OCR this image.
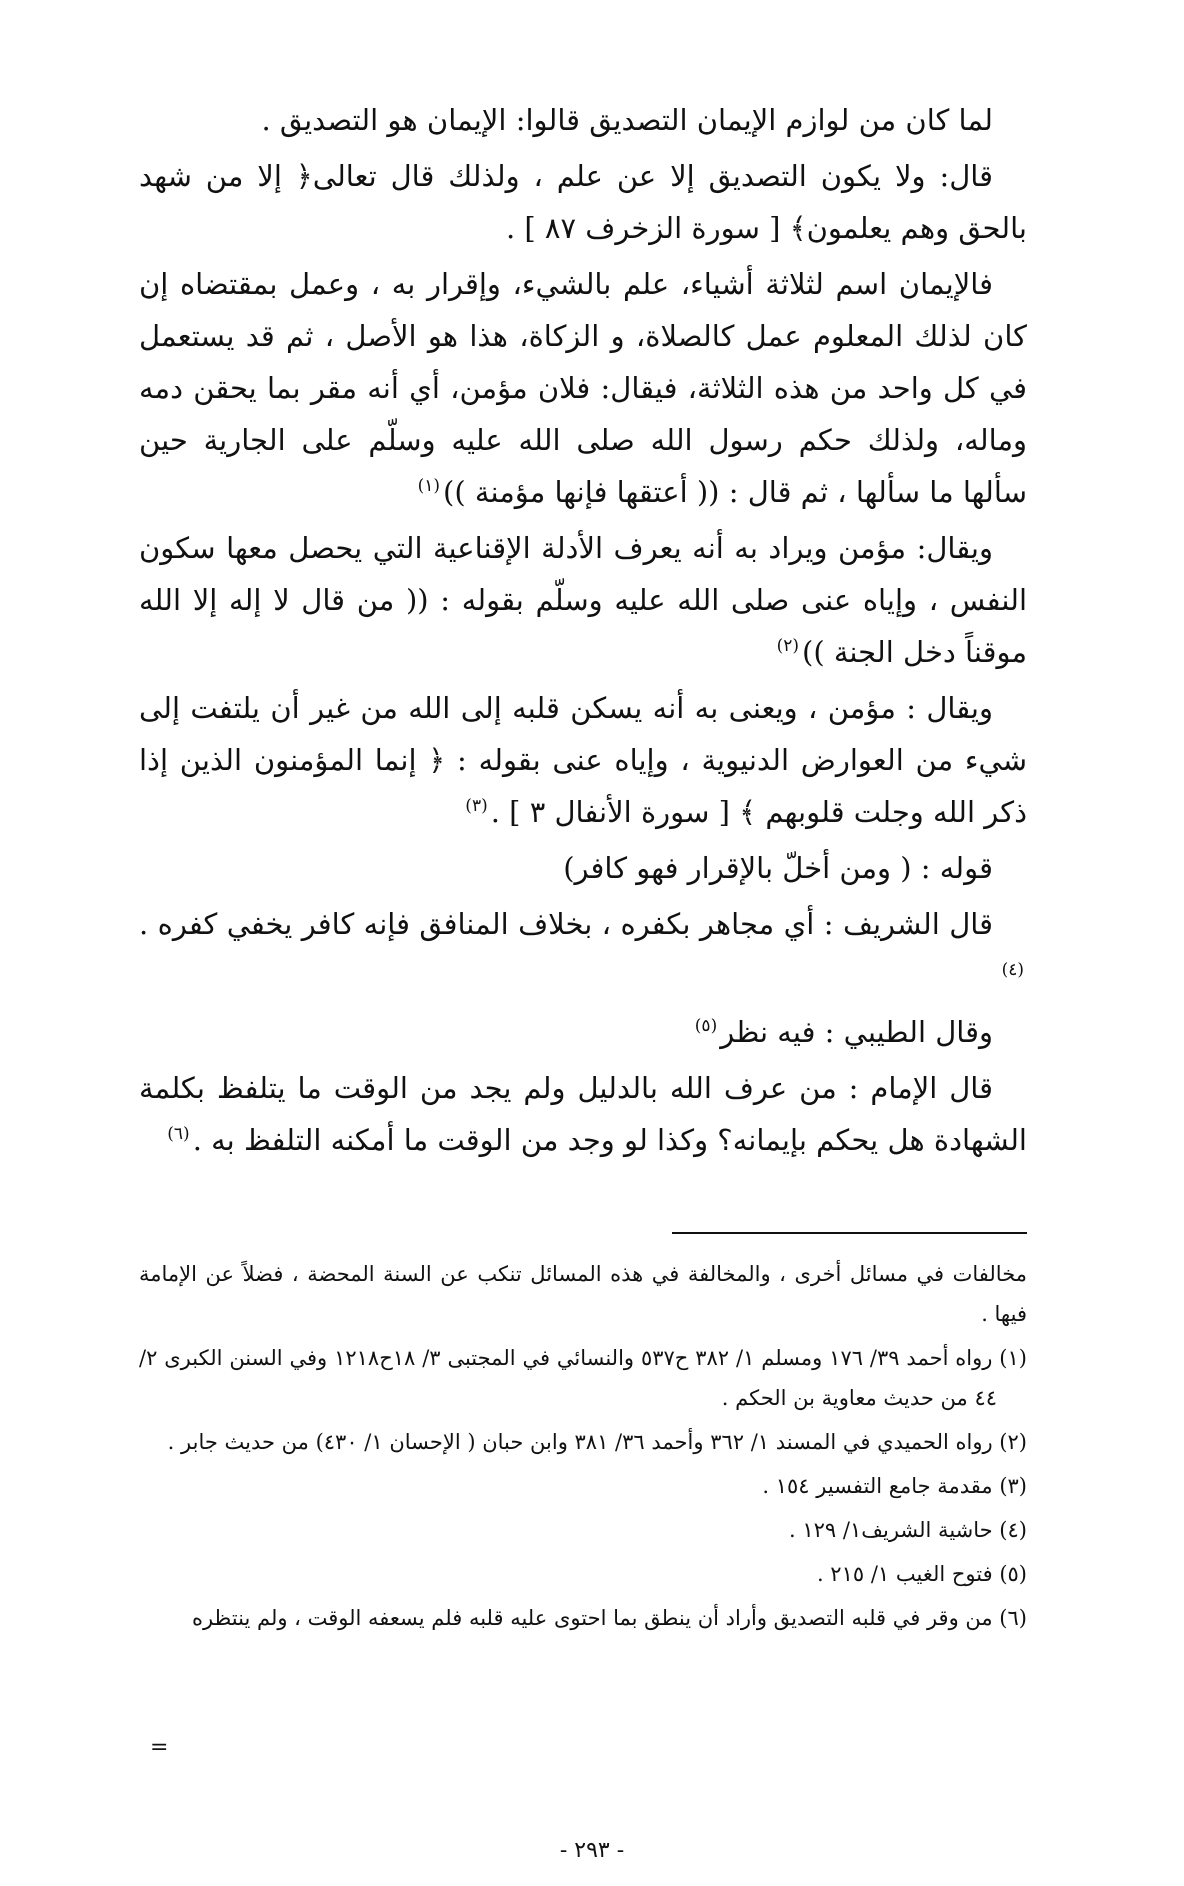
لما كان من لوازم الإيمان التصديق قالوا: الإيمان هو التصديق .

قال: ولا يكون التصديق إلا عن علم ، ولذلك قال تعالى﴿ إلا من شهد بالحق وهم يعلمون﴾ [ سورة الزخرف ٨٧ ] .

فالإيمان اسم لثلاثة أشياء، علم بالشيء، وإقرار به ، وعمل بمقتضاه إن كان لذلك المعلوم عمل كالصلاة، و الزكاة، هذا هو الأصل ، ثم قد يستعمل في كل واحد من هذه الثلاثة، فيقال: فلان مؤمن، أي أنه مقر بما يحقن دمه وماله، ولذلك حكم رسول الله صلى الله عليه وسلّم على الجارية حين سألها ما سألها ، ثم قال : (( أعتقها فإنها مؤمنة ))$^{(١)}$

ويقال: مؤمن ويراد به أنه يعرف الأدلة الإقناعية التي يحصل معها سكون النفس ، وإياه عنى صلى الله عليه وسلّم بقوله : (( من قال لا إله إلا الله موقناً دخل الجنة ))$^{(٢)}$

ويقال : مؤمن ، ويعنى به أنه يسكن قلبه إلى الله من غير أن يلتفت إلى شيء من العوارض الدنيوية ، وإياه عنى بقوله : ﴿ إنما المؤمنون الذين إذا ذكر الله وجلت قلوبهم ﴾ [ سورة الأنفال ٣ ] .$^{(٣)}$

قوله : ( ومن أخلّ بالإقرار فهو كافر)

قال الشريف : أي مجاهر بكفره ، بخلاف المنافق فإنه كافر يخفي كفره .$^{(٤)}$

وقال الطيبي : فيه نظر$^{(٥)}$

قال الإمام : من عرف الله بالدليل ولم يجد من الوقت ما يتلفظ بكلمة الشهادة هل يحكم بإيمانه؟ وكذا لو وجد من الوقت ما أمكنه التلفظ به .$^{(٦)}$

مخالفات في مسائل أخرى ، والمخالفة في هذه المسائل تنكب عن السنة المحضة ، فضلاً عن الإمامة فيها .

(١) رواه أحمد ٣٩/ ١٧٦ ومسلم ١/ ٣٨٢ ح٥٣٧ والنسائي في المجتبى ٣/ ١٨ح١٢١٨ وفي السنن الكبرى ٢/ ٤٤ من حديث معاوية بن الحكم .

(٢) رواه الحميدي في المسند ١/ ٣٦٢ وأحمد ٣٦/ ٣٨١ وابن حبان ( الإحسان ١/ ٤٣٠) من حديث جابر .

(٣) مقدمة جامع التفسير ١٥٤ .

(٤) حاشية الشريف١/ ١٢٩ .

(٥) فتوح الغيب ١/ ٢١٥ .

(٦) من وقر في قلبه التصديق وأراد أن ينطق بما احتوى عليه قلبه فلم يسعفه الوقت ، ولم ينتظره

=
- ٢٩٣ -
